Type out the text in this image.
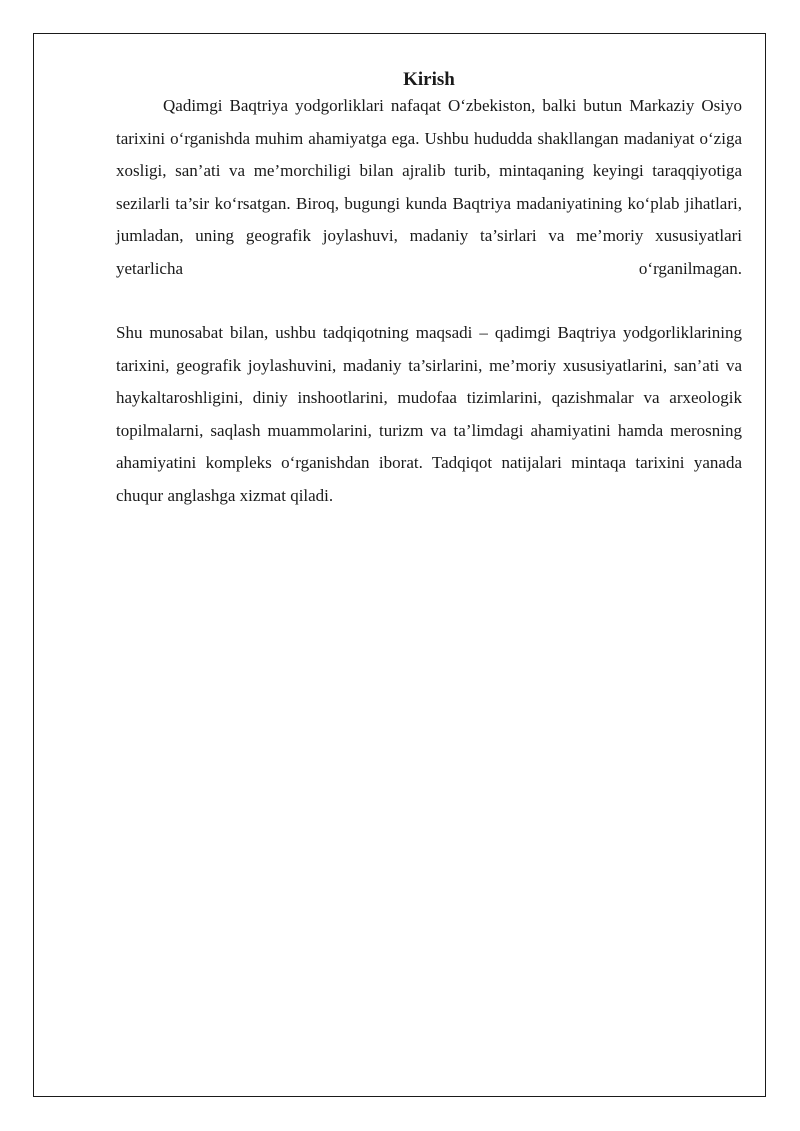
Kirish

Qadimgi Baqtriya yodgorliklari nafaqat O‘zbekiston, balki butun Markaziy Osiyo tarixini o‘rganishda muhim ahamiyatga ega. Ushbu hududda shakllangan madaniyat o‘ziga xosligi, san’ati va me’morchiligi bilan ajralib turib, mintaqaning keyingi taraqqiyotiga sezilarli ta’sir ko‘rsatgan. Biroq, bugungi kunda Baqtriya madaniyatining ko‘plab jihatlari, jumladan, uning geografik joylashuvi, madaniy ta’sirlari va me’moriy xususiyatlari yetarlicha o‘rganilmagan.

Shu munosabat bilan, ushbu tadqiqotning maqsadi – qadimgi Baqtriya yodgorliklarining tarixini, geografik joylashuvini, madaniy ta’sirlarini, me’moriy xususiyatlarini, san’ati va haykaltaroshligini, diniy inshootlarini, mudofaa tizimlarini, qazishmalar va arxeologik topilmalarni, saqlash muammolarini, turizm va ta’limdagi ahamiyatini hamda merosning ahamiyatini kompleks o‘rganishdan iborat. Tadqiqot natijalari mintaqa tarixini yanada chuqur anglashga xizmat qiladi.
